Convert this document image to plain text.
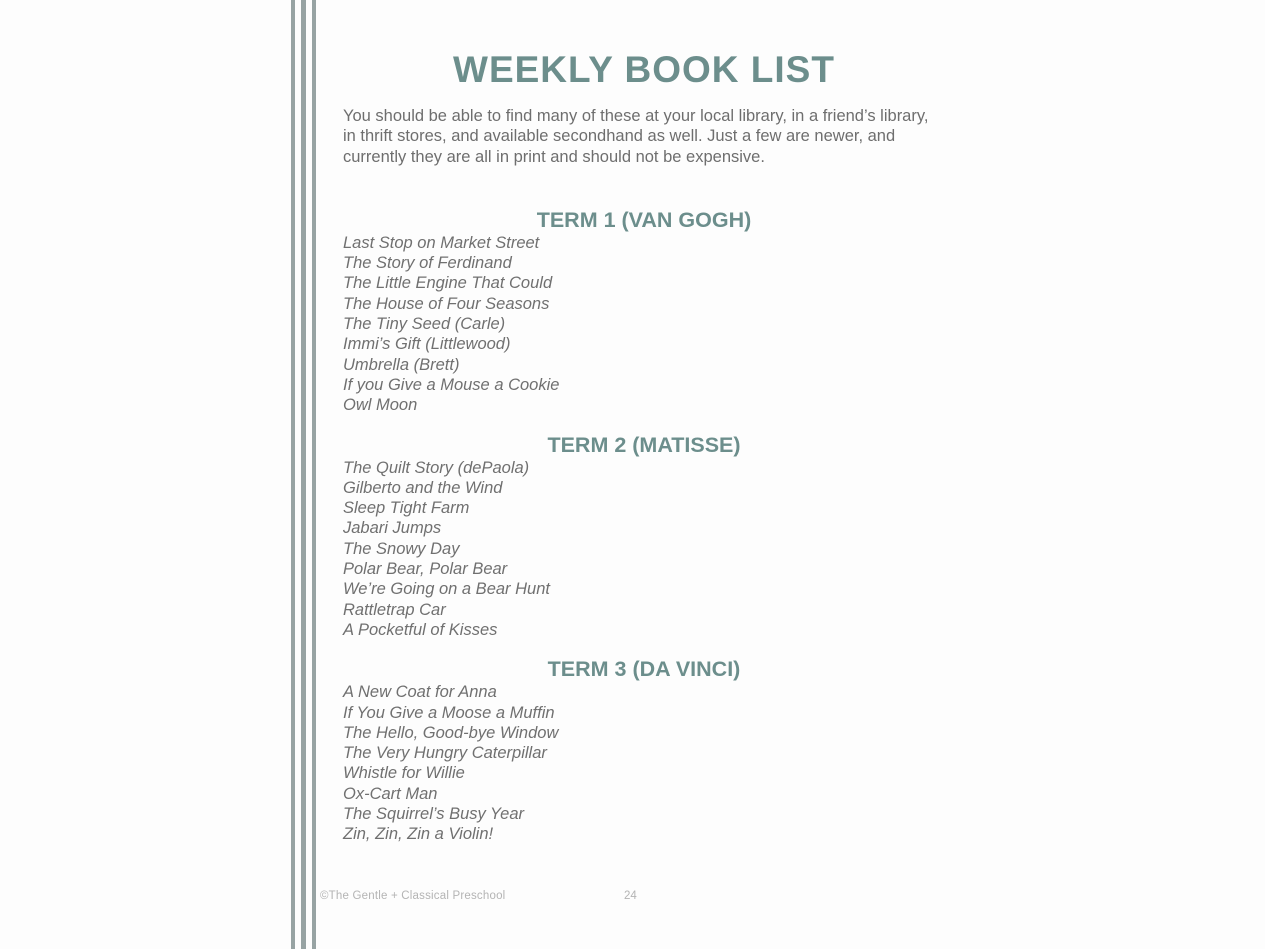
WEEKLY BOOK LIST

You should be able to find many of these at your local library, in a friend’s library, in thrift stores, and available secondhand as well. Just a few are newer, and currently they are all in print and should not be expensive.

TERM 1 (VAN GOGH)
Last Stop on Market Street
The Story of Ferdinand
The Little Engine That Could
The House of Four Seasons
The Tiny Seed (Carle)
Immi’s Gift (Littlewood)
Umbrella (Brett)
If you Give a Mouse a Cookie
Owl Moon
TERM 2 (MATISSE)
The Quilt Story (dePaola)
Gilberto and the Wind
Sleep Tight Farm
Jabari Jumps
The Snowy Day
Polar Bear, Polar Bear
We’re Going on a Bear Hunt
Rattletrap Car
A Pocketful of Kisses
TERM 3 (DA VINCI)
A New Coat for Anna
If You Give a Moose a Muffin
The Hello, Good-bye Window
The Very Hungry Caterpillar
Whistle for Willie
Ox-Cart Man
The Squirrel’s Busy Year
Zin, Zin, Zin a Violin!
©The Gentle + Classical Preschool	24
